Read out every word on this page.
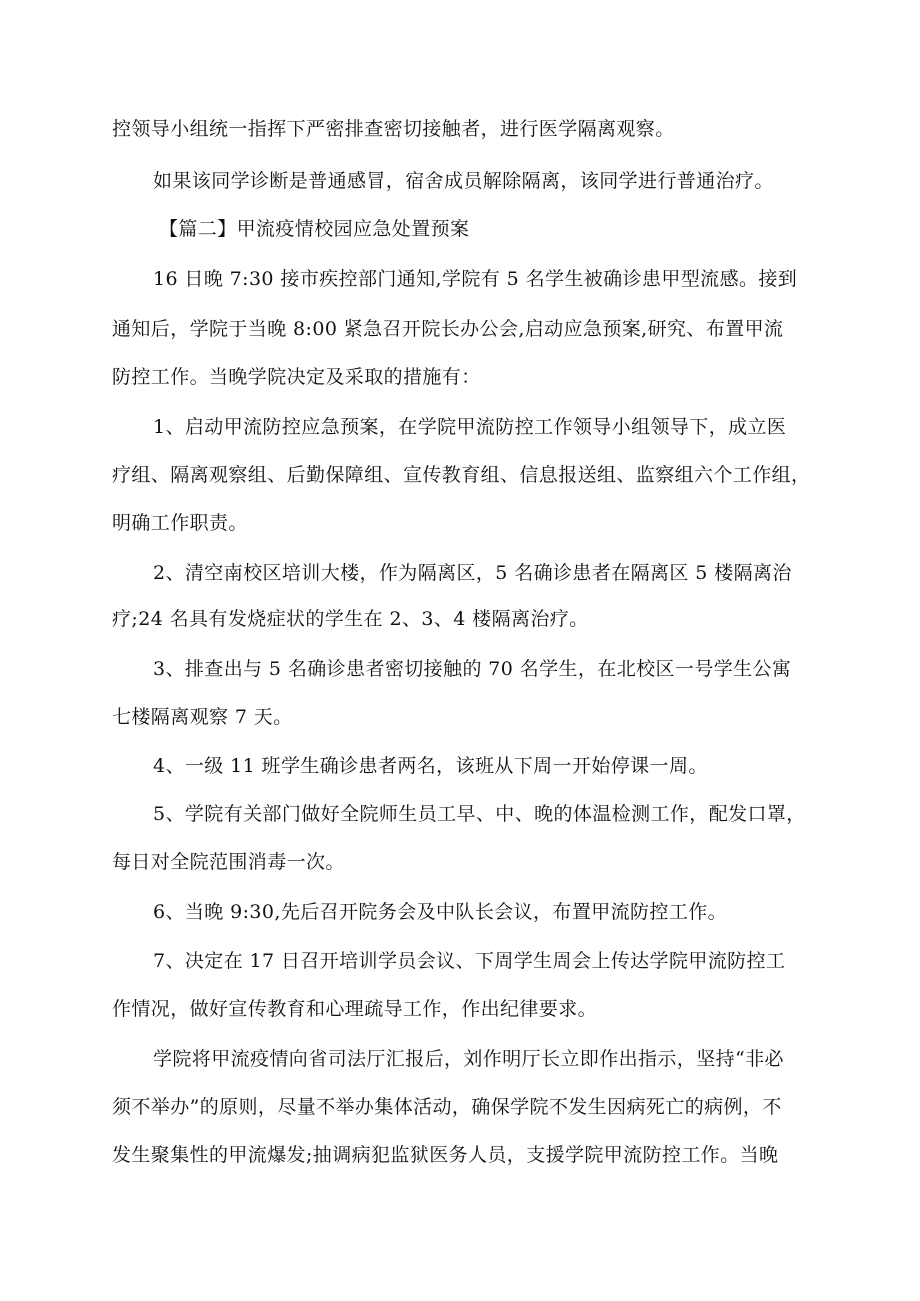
控领导小组统一指挥下严密排查密切接触者，进行医学隔离观察。
如果该同学诊断是普通感冒，宿舍成员解除隔离，该同学进行普通治疗。
【篇二】甲流疫情校园应急处置预案
16 日晚 7:30 接市疾控部门通知,学院有 5 名学生被确诊患甲型流感。接到
通知后，学院于当晚 8:00 紧急召开院长办公会,启动应急预案,研究、布置甲流
防控工作。当晚学院决定及采取的措施有：
1、启动甲流防控应急预案，在学院甲流防控工作领导小组领导下，成立医
疗组、隔离观察组、后勤保障组、宣传教育组、信息报送组、监察组六个工作组，
明确工作职责。
2、清空南校区培训大楼，作为隔离区，5 名确诊患者在隔离区 5 楼隔离治
疗;24 名具有发烧症状的学生在 2、3、4 楼隔离治疗。
3、排查出与 5 名确诊患者密切接触的 70 名学生，在北校区一号学生公寓
七楼隔离观察 7 天。
4、一级 11 班学生确诊患者两名，该班从下周一开始停课一周。
5、学院有关部门做好全院师生员工早、中、晚的体温检测工作，配发口罩，
每日对全院范围消毒一次。
6、当晚 9:30,先后召开院务会及中队长会议，布置甲流防控工作。
7、决定在 17 日召开培训学员会议、下周学生周会上传达学院甲流防控工
作情况，做好宣传教育和心理疏导工作，作出纪律要求。
学院将甲流疫情向省司法厅汇报后，刘作明厅长立即作出指示，坚持“非必
须不举办”的原则，尽量不举办集体活动，确保学院不发生因病死亡的病例，不
发生聚集性的甲流爆发;抽调病犯监狱医务人员，支援学院甲流防控工作。当晚
